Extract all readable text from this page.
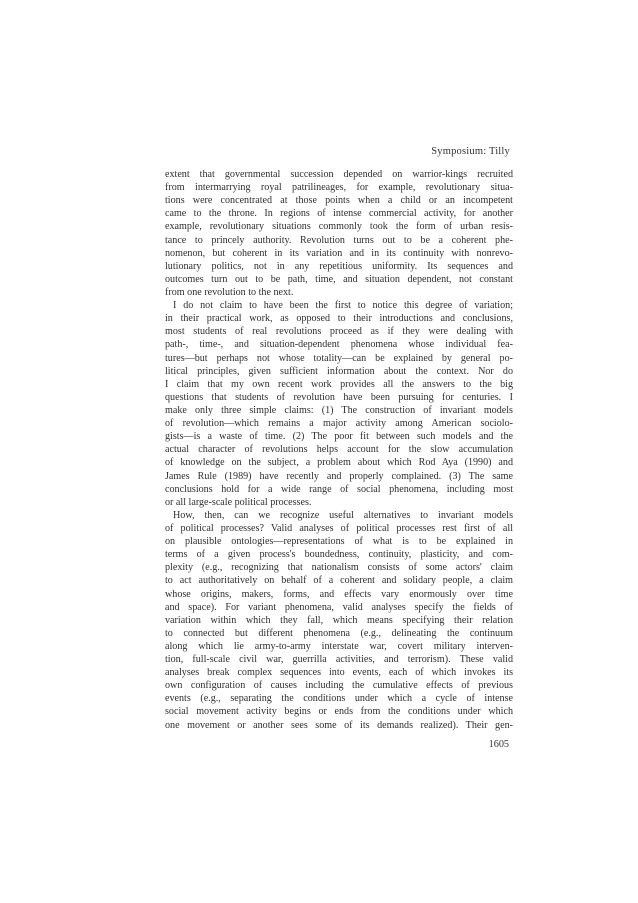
Symposium: Tilly
extent that governmental succession depended on warrior-kings recruited
from intermarrying royal patrilineages, for example, revolutionary situa-
tions were concentrated at those points when a child or an incompetent
came to the throne. In regions of intense commercial activity, for another
example, revolutionary situations commonly took the form of urban resis-
tance to princely authority. Revolution turns out to be a coherent phe-
nomenon, but coherent in its variation and in its continuity with nonrevo-
lutionary politics, not in any repetitious uniformity. Its sequences and
outcomes turn out to be path, time, and situation dependent, not constant
from one revolution to the next.
I do not claim to have been the first to notice this degree of variation;
in their practical work, as opposed to their introductions and conclusions,
most students of real revolutions proceed as if they were dealing with
path-, time-, and situation-dependent phenomena whose individual fea-
tures—but perhaps not whose totality—can be explained by general po-
litical principles, given sufficient information about the context. Nor do
I claim that my own recent work provides all the answers to the big
questions that students of revolution have been pursuing for centuries. I
make only three simple claims: (1) The construction of invariant models
of revolution—which remains a major activity among American sociolo-
gists—is a waste of time. (2) The poor fit between such models and the
actual character of revolutions helps account for the slow accumulation
of knowledge on the subject, a problem about which Rod Aya (1990) and
James Rule (1989) have recently and properly complained. (3) The same
conclusions hold for a wide range of social phenomena, including most
or all large-scale political processes.
How, then, can we recognize useful alternatives to invariant models
of political processes? Valid analyses of political processes rest first of all
on plausible ontologies—representations of what is to be explained in
terms of a given process's boundedness, continuity, plasticity, and com-
plexity (e.g., recognizing that nationalism consists of some actors' claim
to act authoritatively on behalf of a coherent and solidary people, a claim
whose origins, makers, forms, and effects vary enormously over time
and space). For variant phenomena, valid analyses specify the fields of
variation within which they fall, which means specifying their relation
to connected but different phenomena (e.g., delineating the continuum
along which lie army-to-army interstate war, covert military interven-
tion, full-scale civil war, guerrilla activities, and terrorism). These valid
analyses break complex sequences into events, each of which invokes its
own configuration of causes including the cumulative effects of previous
events (e.g., separating the conditions under which a cycle of intense
social movement activity begins or ends from the conditions under which
one movement or another sees some of its demands realized). Their gen-
1605
